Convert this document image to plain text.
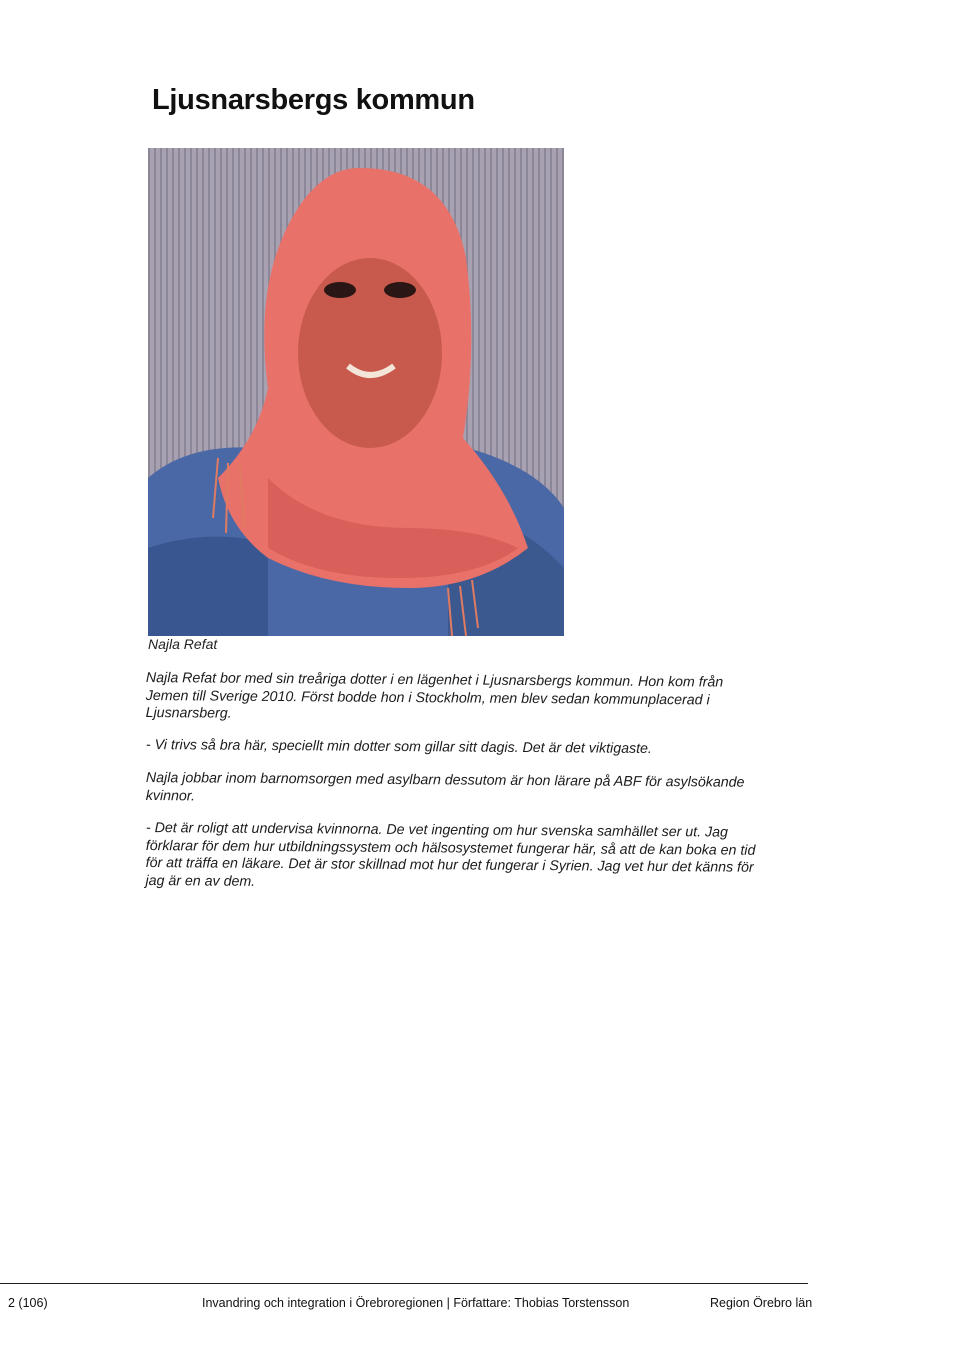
Ljusnarsbergs kommun
Najla Refat

Najla Refat bor med sin treåriga dotter i en lägenhet i Ljusnarsbergs kommun. Hon kom från Jemen till Sverige 2010. Först bodde hon i Stockholm, men blev sedan kommunplacerad i Ljusnarsberg.

- Vi trivs så bra här, speciellt min dotter som gillar sitt dagis. Det är det viktigaste.

Najla jobbar inom barnomsorgen med asylbarn dessutom är hon lärare på ABF för asylsökande kvinnor.

- Det är roligt att undervisa kvinnorna. De vet ingenting om hur svenska samhället ser ut. Jag förklarar för dem hur utbildningssystem och hälsosystemet fungerar här, så att de kan boka en tid för att träffa en läkare. Det är stor skillnad mot hur det fungerar i Syrien. Jag vet hur det känns för jag är en av dem.

2 (106)	Invandring och integration i Örebroregionen | Författare: Thobias Torstensson	Region Örebro län
